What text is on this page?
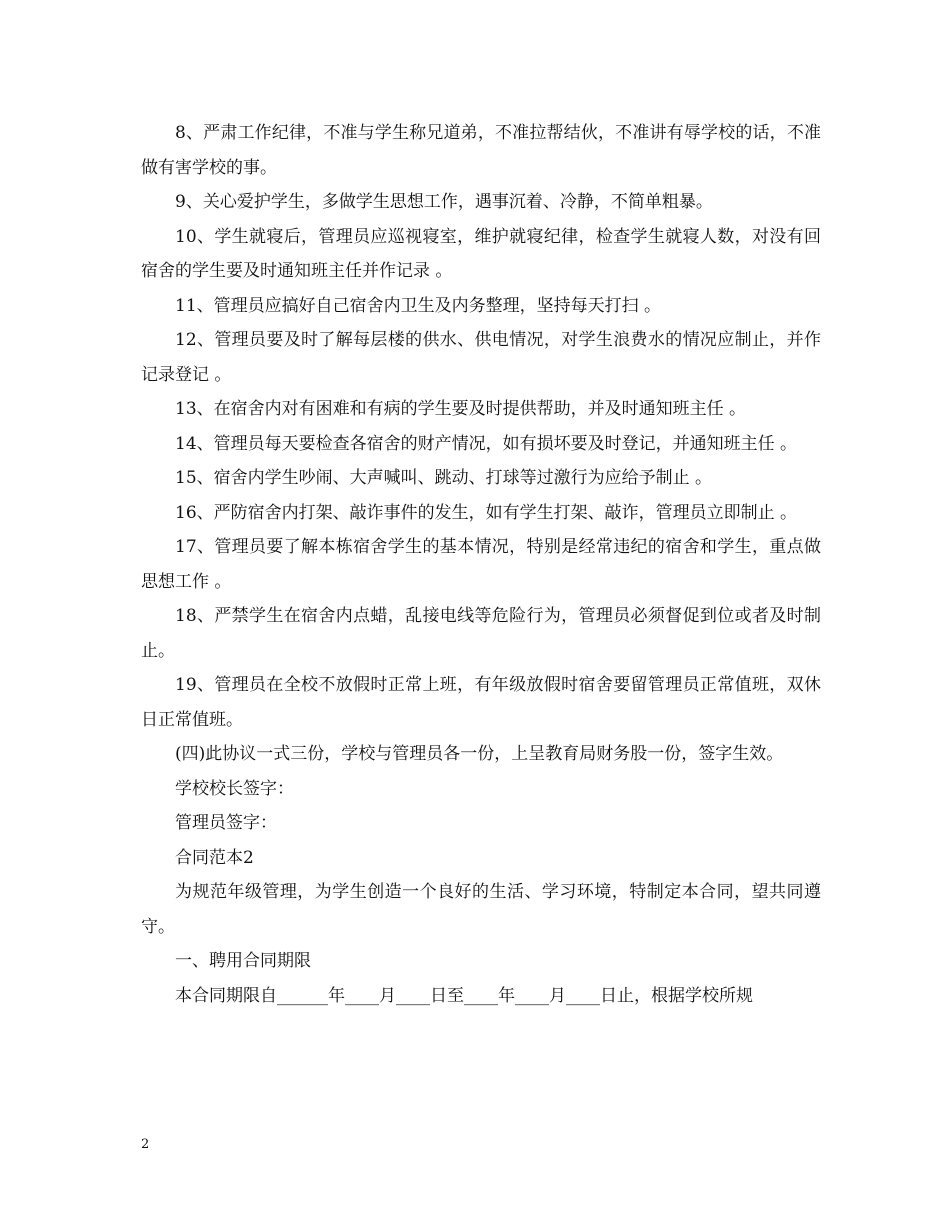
8、严肃工作纪律，不准与学生称兄道弟，不准拉帮结伙，不准讲有辱学校的话，不准做有害学校的事。

9、关心爱护学生，多做学生思想工作，遇事沉着、冷静，不简单粗暴。

10、学生就寝后，管理员应巡视寝室，维护就寝纪律，检查学生就寝人数，对没有回宿舍的学生要及时通知班主任并作记录 。

11、管理员应搞好自己宿舍内卫生及内务整理，坚持每天打扫 。

12、管理员要及时了解每层楼的供水、供电情况，对学生浪费水的情况应制止，并作记录登记 。

13、在宿舍内对有困难和有病的学生要及时提供帮助，并及时通知班主任 。

14、管理员每天要检查各宿舍的财产情况，如有损坏要及时登记，并通知班主任 。

15、宿舍内学生吵闹、大声喊叫、跳动、打球等过激行为应给予制止 。

16、严防宿舍内打架、敲诈事件的发生，如有学生打架、敲诈，管理员立即制止 。

17、管理员要了解本栋宿舍学生的基本情况，特别是经常违纪的宿舍和学生，重点做思想工作 。

18、严禁学生在宿舍内点蜡，乱接电线等危险行为，管理员必须督促到位或者及时制止。

19、管理员在全校不放假时正常上班，有年级放假时宿舍要留管理员正常值班，双休日正常值班。

(四)此协议一式三份，学校与管理员各一份，上呈教育局财务股一份，签字生效。

学校校长签字：

管理员签字：

合同范本2

为规范年级管理，为学生创造一个良好的生活、学习环境，特制定本合同，望共同遵守。

一、聘用合同期限

本合同期限自______年____月____日至____年____月____日止，根据学校所规

2
